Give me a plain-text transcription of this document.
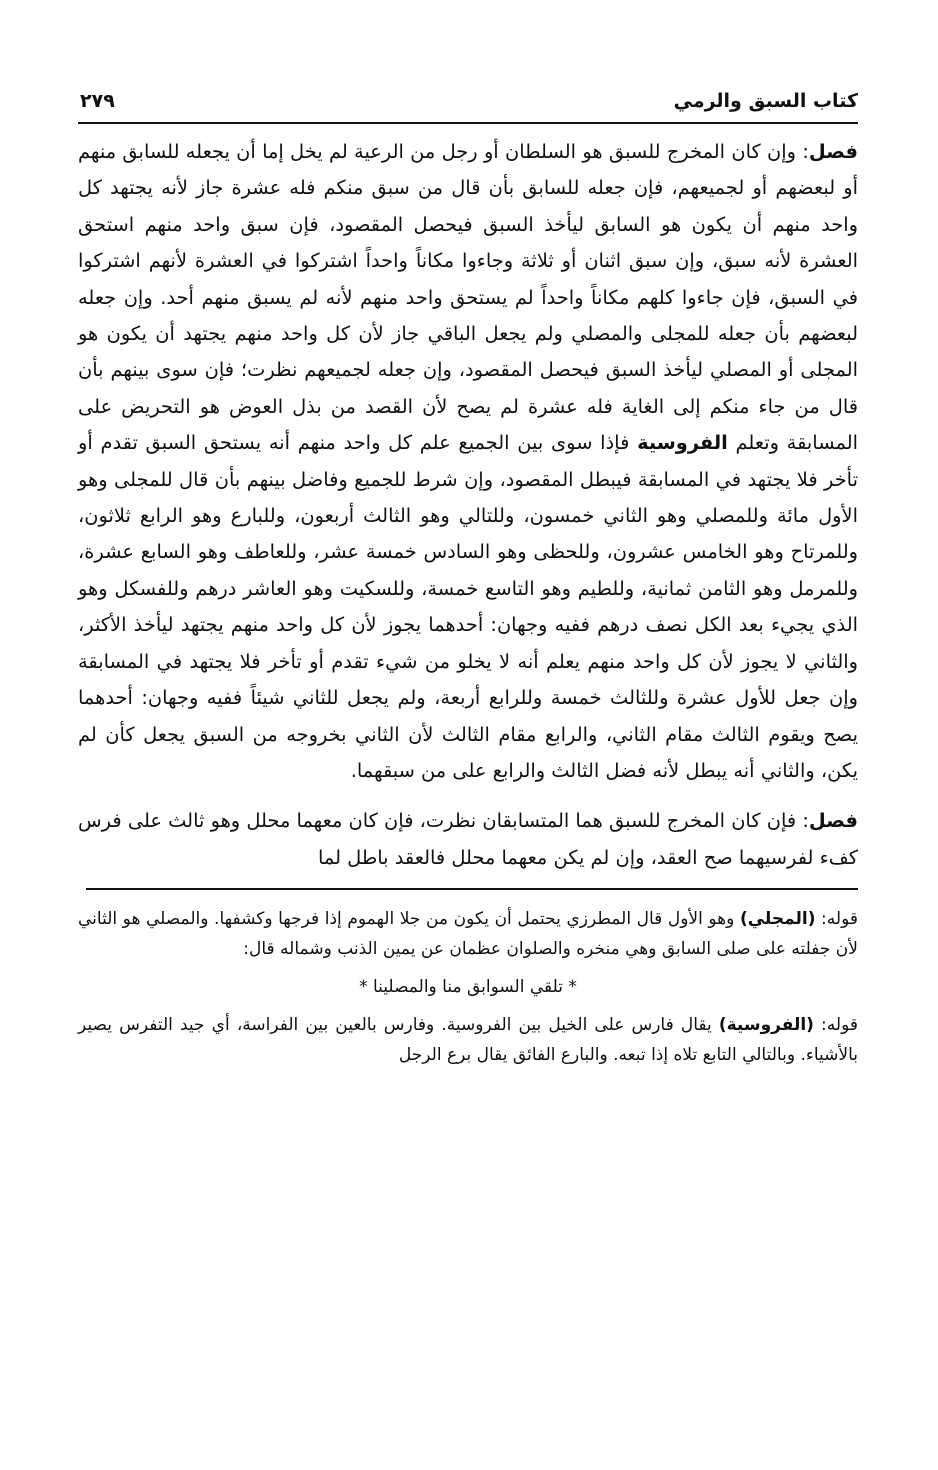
كتاب السبق والرمي
٢٧٩

فصل: وإن كان المخرج للسبق هو السلطان أو رجل من الرعية لم يخل إما أن يجعله للسابق منهم أو لبعضهم أو لجميعهم، فإن جعله للسابق بأن قال من سبق منكم فله عشرة جاز لأنه يجتهد كل واحد منهم أن يكون هو السابق ليأخذ السبق فيحصل المقصود، فإن سبق واحد منهم استحق العشرة لأنه سبق، وإن سبق اثنان أو ثلاثة وجاءوا مكاناً واحداً اشتركوا في العشرة لأنهم اشتركوا في السبق، فإن جاءوا كلهم مكاناً واحداً لم يستحق واحد منهم لأنه لم يسبق منهم أحد. وإن جعله لبعضهم بأن جعله للمجلى والمصلي ولم يجعل الباقي جاز لأن كل واحد منهم يجتهد أن يكون هو المجلى أو المصلي ليأخذ السبق فيحصل المقصود، وإن جعله لجميعهم نظرت؛ فإن سوى بينهم بأن قال من جاء منكم إلى الغاية فله عشرة لم يصح لأن القصد من بذل العوض هو التحريض على المسابقة وتعلم الفروسية فإذا سوى بين الجميع علم كل واحد منهم أنه يستحق السبق تقدم أو تأخر فلا يجتهد في المسابقة فيبطل المقصود، وإن شرط للجميع وفاضل بينهم بأن قال للمجلى وهو الأول مائة وللمصلي وهو الثاني خمسون، وللتالي وهو الثالث أربعون، وللبارع وهو الرابع ثلاثون، وللمرتاح وهو الخامس عشرون، وللحظى وهو السادس خمسة عشر، وللعاطف وهو السابع عشرة، وللمرمل وهو الثامن ثمانية، وللطيم وهو التاسع خمسة، وللسكيت وهو العاشر درهم وللفسكل وهو الذي يجيء بعد الكل نصف درهم ففيه وجهان: أحدهما يجوز لأن كل واحد منهم يجتهد ليأخذ الأكثر، والثاني لا يجوز لأن كل واحد منهم يعلم أنه لا يخلو من شيء تقدم أو تأخر فلا يجتهد في المسابقة وإن جعل للأول عشرة وللثالث خمسة وللرابع أربعة، ولم يجعل للثاني شيئاً ففيه وجهان: أحدهما يصح ويقوم الثالث مقام الثاني، والرابع مقام الثالث لأن الثاني بخروجه من السبق يجعل كأن لم يكن، والثاني أنه يبطل لأنه فضل الثالث والرابع على من سبقهما.

فصل: فإن كان المخرج للسبق هما المتسابقان نظرت، فإن كان معهما محلل وهو ثالث على فرس كفء لفرسيهما صح العقد، وإن لم يكن معهما محلل فالعقد باطل لما

قوله: (المجلي) وهو الأول قال المطرزي يحتمل أن يكون من جلا الهموم إذا فرجها وكشفها. والمصلي هو الثاني لأن جفلته على صلى السابق وهي منخره والصلوان عظمان عن يمين الذنب وشماله قال:

* تلقي السوابق منا والمصلينا *

قوله: (الفروسية) يقال فارس على الخيل بين الفروسية. وفارس بالعين بين الفراسة، أي جيد التفرس يصير بالأشياء. وبالتالي التابع تلاه إذا تبعه. والبارع الفائق يقال برع الرجل
